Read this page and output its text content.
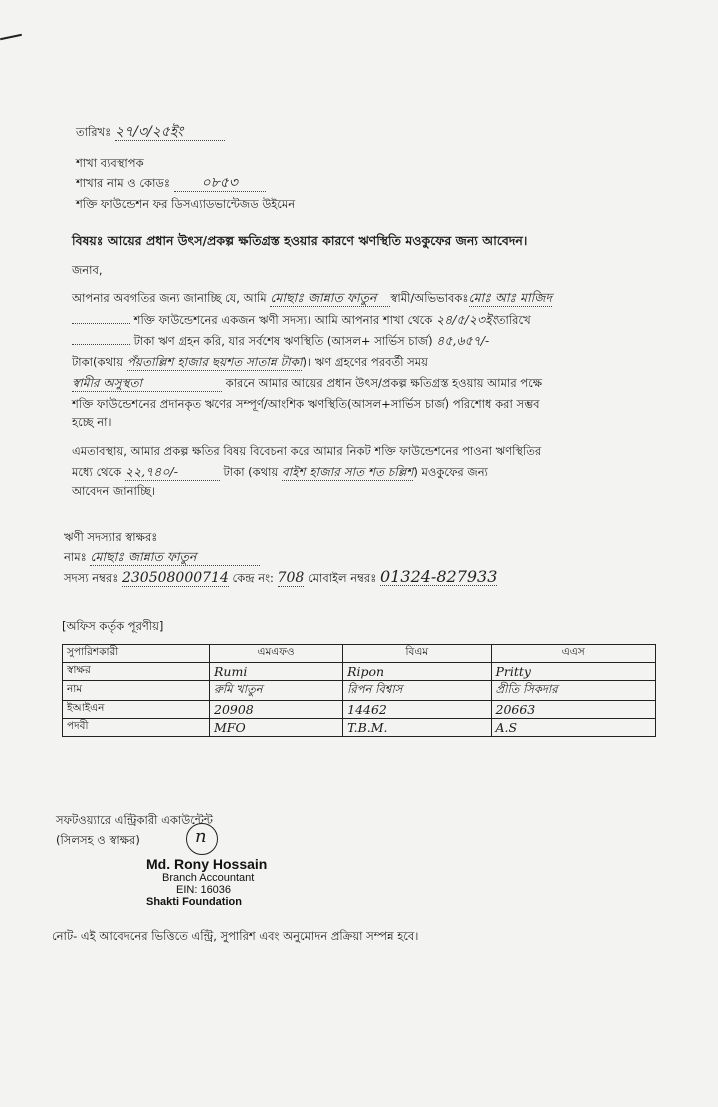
তারিখঃ ২৭/৩/২৫ইং
শাখা ব্যবস্থাপক
শাখার নাম ও কোডঃ ০৮৫৩
শক্তি ফাউন্ডেশন ফর ডিসএ্যাডভান্টেজড উইমেন
বিষয়ঃ আয়ের প্রধান উৎস/প্রকল্প ক্ষতিগ্রস্ত হওয়ার কারণে ঋণস্থিতি মওকুফের জন্য আবেদন।
জনাব,
আপনার অবগতির জন্য জানাচ্ছি যে, আমি মোছাঃ জান্নাত ফাতুন স্বামী/অভিভাবকঃমোঃ আঃ মাজিদ
শক্তি ফাউন্ডেশনের একজন ঋণী সদস্য। আমি আপনার শাখা থেকে ২৪/৫/২৩ইংতারিখে
টাকা ঋণ গ্রহন করি, যার সর্বশেষ ঋণস্থিতি (আসল+ সার্ভিস চার্জ) ৪৫,৬৫৭/-
টাকা(কথায় পঁয়তাল্লিশ হাজার ছয়শত সাতান্ন টাকা)। ঋণ গ্রহণের পরবর্তী সময়
স্বামীর অসুস্থতা	কারনে আমার আয়ের প্রধান উৎস/প্রকল্প ক্ষতিগ্রস্ত হওয়ায় আমার পক্ষে
শক্তি ফাউন্ডেশনের প্রদানকৃত ঋণের সম্পূর্ণ/আংশিক ঋণস্থিতি(আসল+সার্ভিস চার্জ) পরিশোধ করা সম্ভব
হচ্ছে না।
এমতাবস্থায়, আমার প্রকল্প ক্ষতির বিষয় বিবেচনা করে আমার নিকট শক্তি ফাউন্ডেশনের পাওনা ঋণস্থিতির
মধ্যে থেকে ২২,৭৪০/-	টাকা (কথায় বাইশ হাজার সাত শত চল্লিশ) মওকুফের জন্য
আবেদন জানাচ্ছি।
ঋণী সদস্যার স্বাক্ষরঃ
নামঃ মোছাঃ জান্নাত ফাতুন
সদস্য নম্বরঃ 230508000714 কেন্দ্র নং: 708 মোবাইল নম্বরঃ 01324-827933
[অফিস কর্তৃক পূরণীয়]
সুপারিশকারী	এমএফও	বিএম	এএস
স্বাক্ষর	Rumi	Ripon	Pritty
নাম	রুমি খাতুন	রিপন বিশ্বাস	প্রীতি সিকদার
ইআইএন	20908	14462	20663
পদবী	MFO	T.B.M.	A.S
সফটওয়্যারে এন্ট্রিকারী একাউন্টেন্ট
(সিলসহ ও স্বাক্ষর)	n
Md. Rony Hossain
Branch Accountant
EIN: 16036
Shakti Foundation
নোট- এই আবেদনের ভিত্তিতে এন্ট্রি, সুপারিশ এবং অনুমোদন প্রক্রিয়া সম্পন্ন হবে।
